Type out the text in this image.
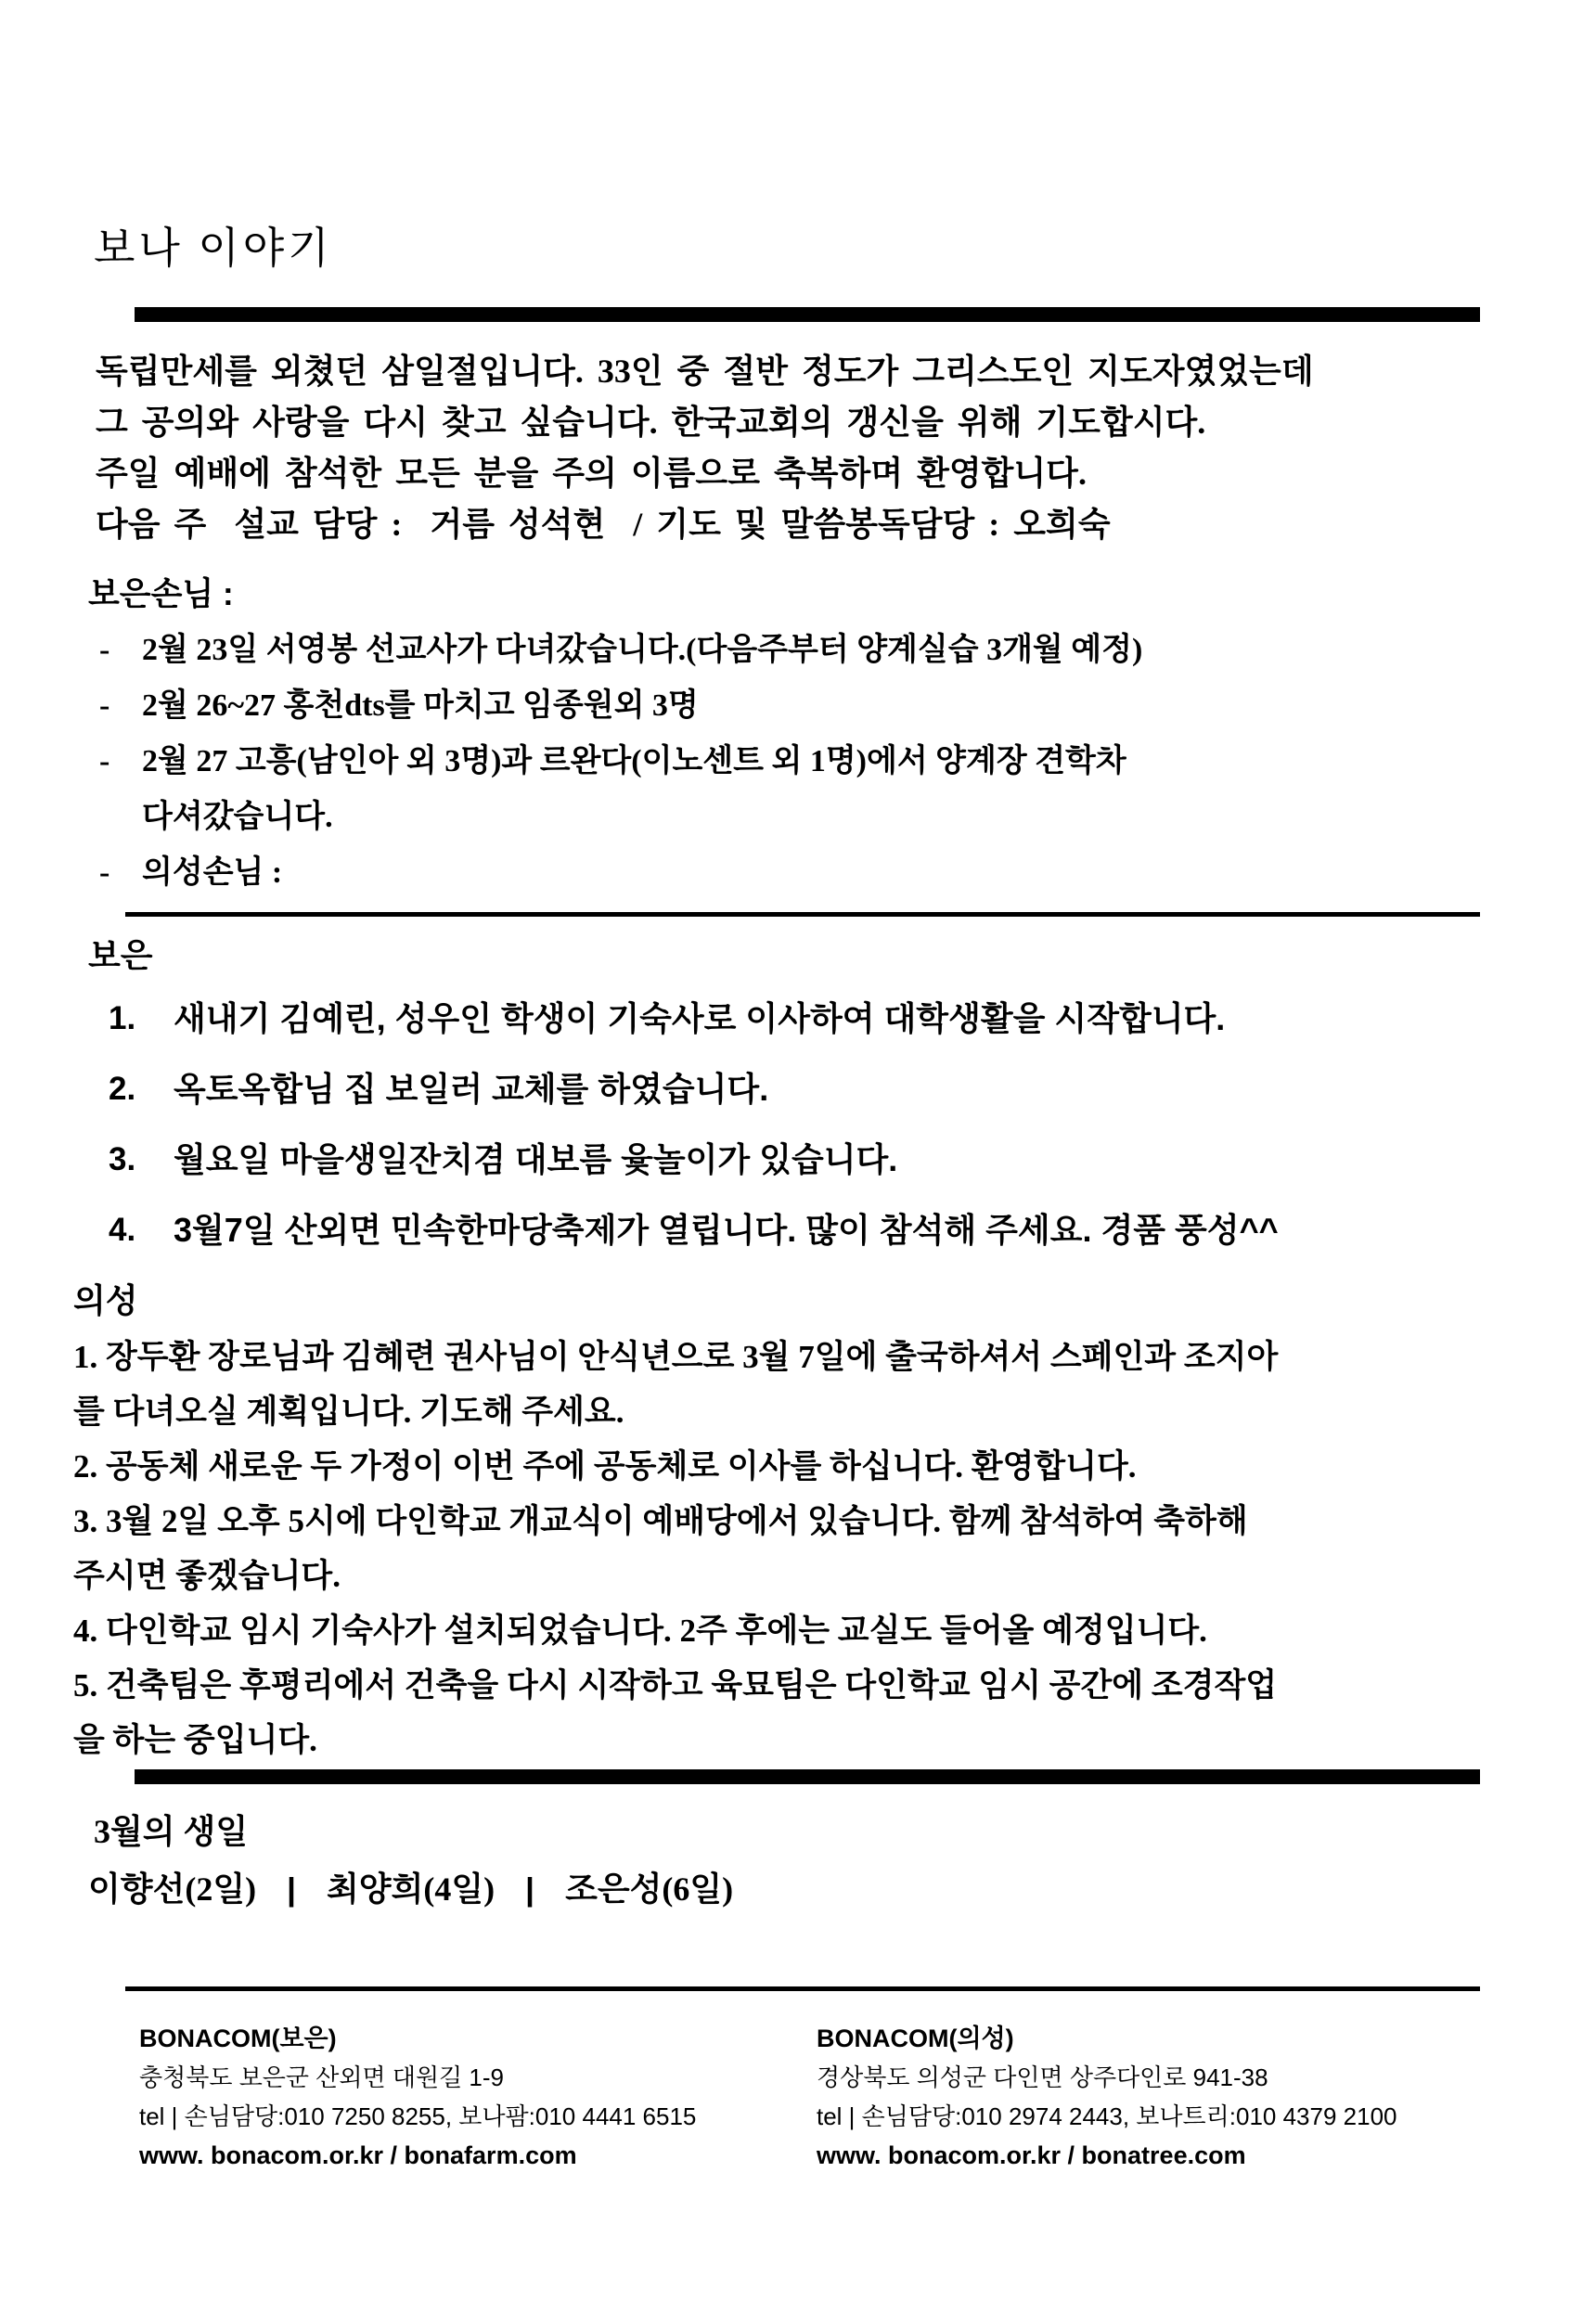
보나 이야기
독립만세를 외쳤던 삼일절입니다. 33인 중 절반 정도가 그리스도인 지도자였었는데
그 공의와 사랑을 다시 찾고 싶습니다. 한국교회의 갱신을 위해 기도합시다.
주일 예배에 참석한 모든 분을 주의 이름으로 축복하며 환영합니다.
다음 주  설교 담당 :  거름 성석현  / 기도 및 말씀봉독담당 : 오희숙
보은손님 :
- 2월 23일 서영봉 선교사가 다녀갔습니다.(다음주부터 양계실습 3개월 예정)
- 2월 26~27 홍천dts를 마치고 임종원외 3명
- 2월 27 고흥(남인아 외 3명)과 르완다(이노센트 외 1명)에서 양계장 견학차
다셔갔습니다.
- 의성손님 :
보은
1. 새내기 김예린, 성우인 학생이 기숙사로 이사하여 대학생활을 시작합니다.
2. 옥토옥합님 집 보일러 교체를 하였습니다.
3. 월요일 마을생일잔치겸 대보름 윷놀이가 있습니다.
4. 3월7일 산외면 민속한마당축제가 열립니다. 많이 참석해 주세요. 경품 풍성^^
의성
1. 장두환 장로님과 김혜련 권사님이 안식년으로 3월 7일에 출국하셔서 스페인과 조지아
를 다녀오실 계획입니다. 기도해 주세요.
2. 공동체 새로운 두 가정이 이번 주에 공동체로 이사를 하십니다. 환영합니다.
3. 3월 2일 오후 5시에 다인학교 개교식이 예배당에서 있습니다. 함께 참석하여 축하해
주시면 좋겠습니다.
4. 다인학교 임시 기숙사가 설치되었습니다. 2주 후에는 교실도 들어올 예정입니다.
5. 건축팀은 후평리에서 건축을 다시 시작하고 육묘팀은 다인학교 임시 공간에 조경작업
을 하는 중입니다.
3월의 생일
이향선(2일) | 최양희(4일) | 조은성(6일)
BONACOM(보은)
충청북도 보은군 산외면 대원길 1-9
tel | 손님담당:010 7250 8255, 보나팜:010 4441 6515
www. bonacom.or.kr / bonafarm.com
BONACOM(의성)
경상북도 의성군 다인면 상주다인로 941-38
tel | 손님담당:010 2974 2443, 보나트리:010 4379 2100
www. bonacom.or.kr / bonatree.com
